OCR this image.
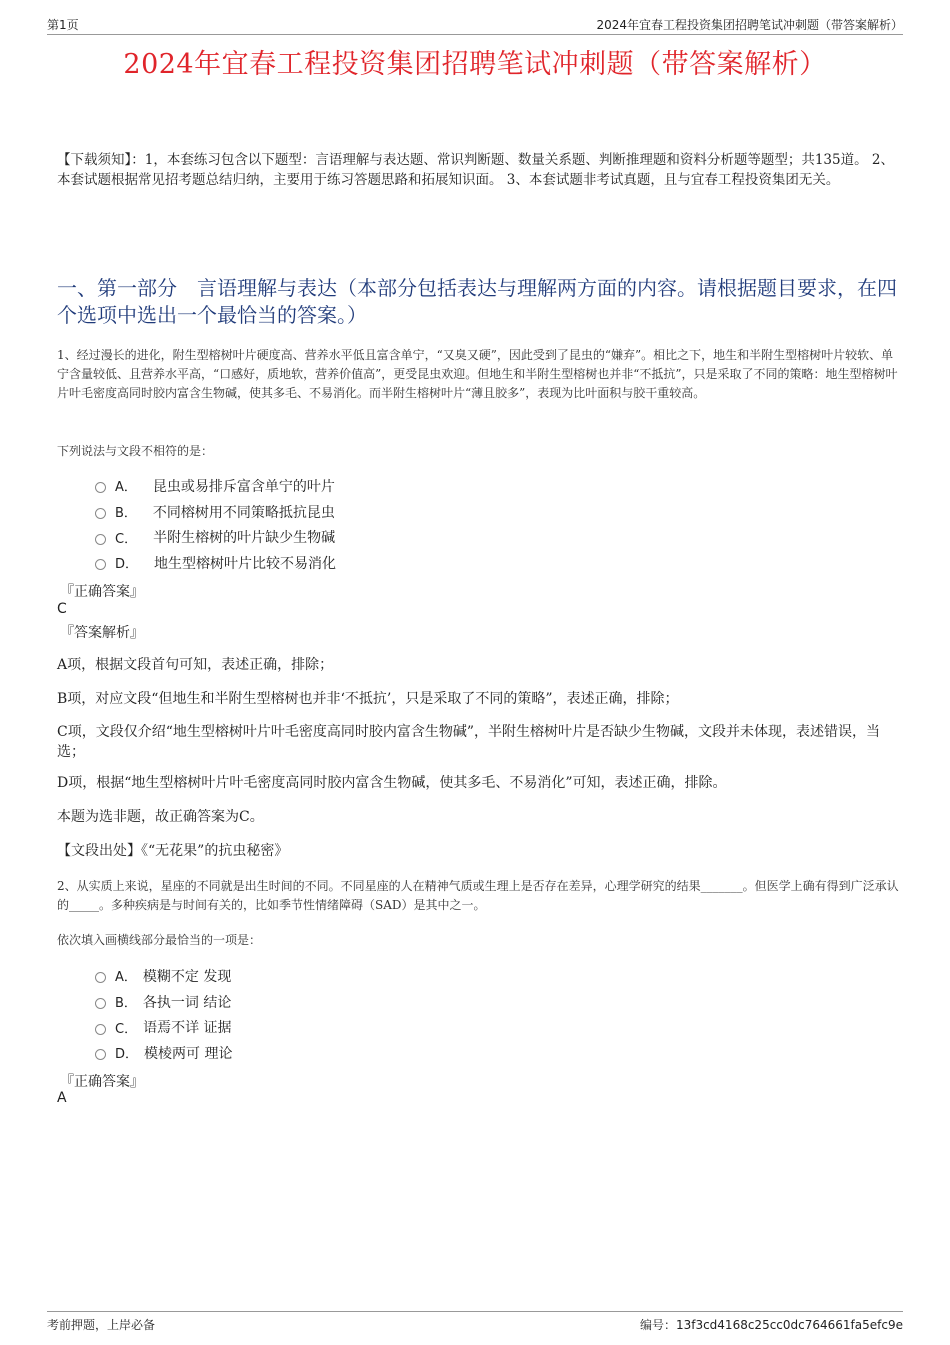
第1页	2024年宜春工程投资集团招聘笔试冲刺题（带答案解析）
2024年宜春工程投资集团招聘笔试冲刺题（带答案解析）
【下载须知】：1，本套练习包含以下题型：言语理解与表达题、常识判断题、数量关系题、判断推理题和资料分析题等题型；共135道。 2、本套试题根据常见招考题总结归纳，主要用于练习答题思路和拓展知识面。 3、本套试题非考试真题，且与宜春工程投资集团无关。
一、第一部分　言语理解与表达（本部分包括表达与理解两方面的内容。请根据题目要求，在四个选项中选出一个最恰当的答案。）
1、经过漫长的进化，附生型榕树叶片硬度高、营养水平低且富含单宁，“又臭又硬”，因此受到了昆虫的“嫌弃”。相比之下，地生和半附生型榕树叶片较软、单宁含量较低、且营养水平高，“口感好，质地软，营养价值高”，更受昆虫欢迎。但地生和半附生型榕树也并非“不抵抗”，只是采取了不同的策略：地生型榕树叶片叶毛密度高同时胶内富含生物碱，使其多毛、不易消化。而半附生榕树叶片“薄且胶多”，表现为比叶面积与胶干重较高。
下列说法与文段不相符的是：
A． 昆虫或易排斥富含单宁的叶片
B． 不同榕树用不同策略抵抗昆虫
C． 半附生榕树的叶片缺少生物碱
D． 地生型榕树叶片比较不易消化
『正确答案』
C
『答案解析』
A项，根据文段首句可知，表述正确，排除；
B项，对应文段“但地生和半附生型榕树也并非‘不抵抗’，只是采取了不同的策略”，表述正确，排除；
C项，文段仅介绍“地生型榕树叶片叶毛密度高同时胶内富含生物碱”，半附生榕树叶片是否缺少生物碱，文段并未体现，表述错误，当选；
D项，根据“地生型榕树叶片叶毛密度高同时胶内富含生物碱，使其多毛、不易消化”可知，表述正确，排除。
本题为选非题，故正确答案为C。
【文段出处】《“无花果”的抗虫秘密》
2、从实质上来说，星座的不同就是出生时间的不同。不同星座的人在精神气质或生理上是否存在差异，心理学研究的结果_______。但医学上确有得到广泛承认的_____。多种疾病是与时间有关的，比如季节性情绪障碍（SAD）是其中之一。
依次填入画横线部分最恰当的一项是：
A． 模糊不定 发现
B． 各执一词 结论
C． 语焉不详 证据
D． 模棱两可 理论
『正确答案』
A
考前押题，上岸必备	编号：13f3cd4168c25cc0dc764661fa5efc9e
